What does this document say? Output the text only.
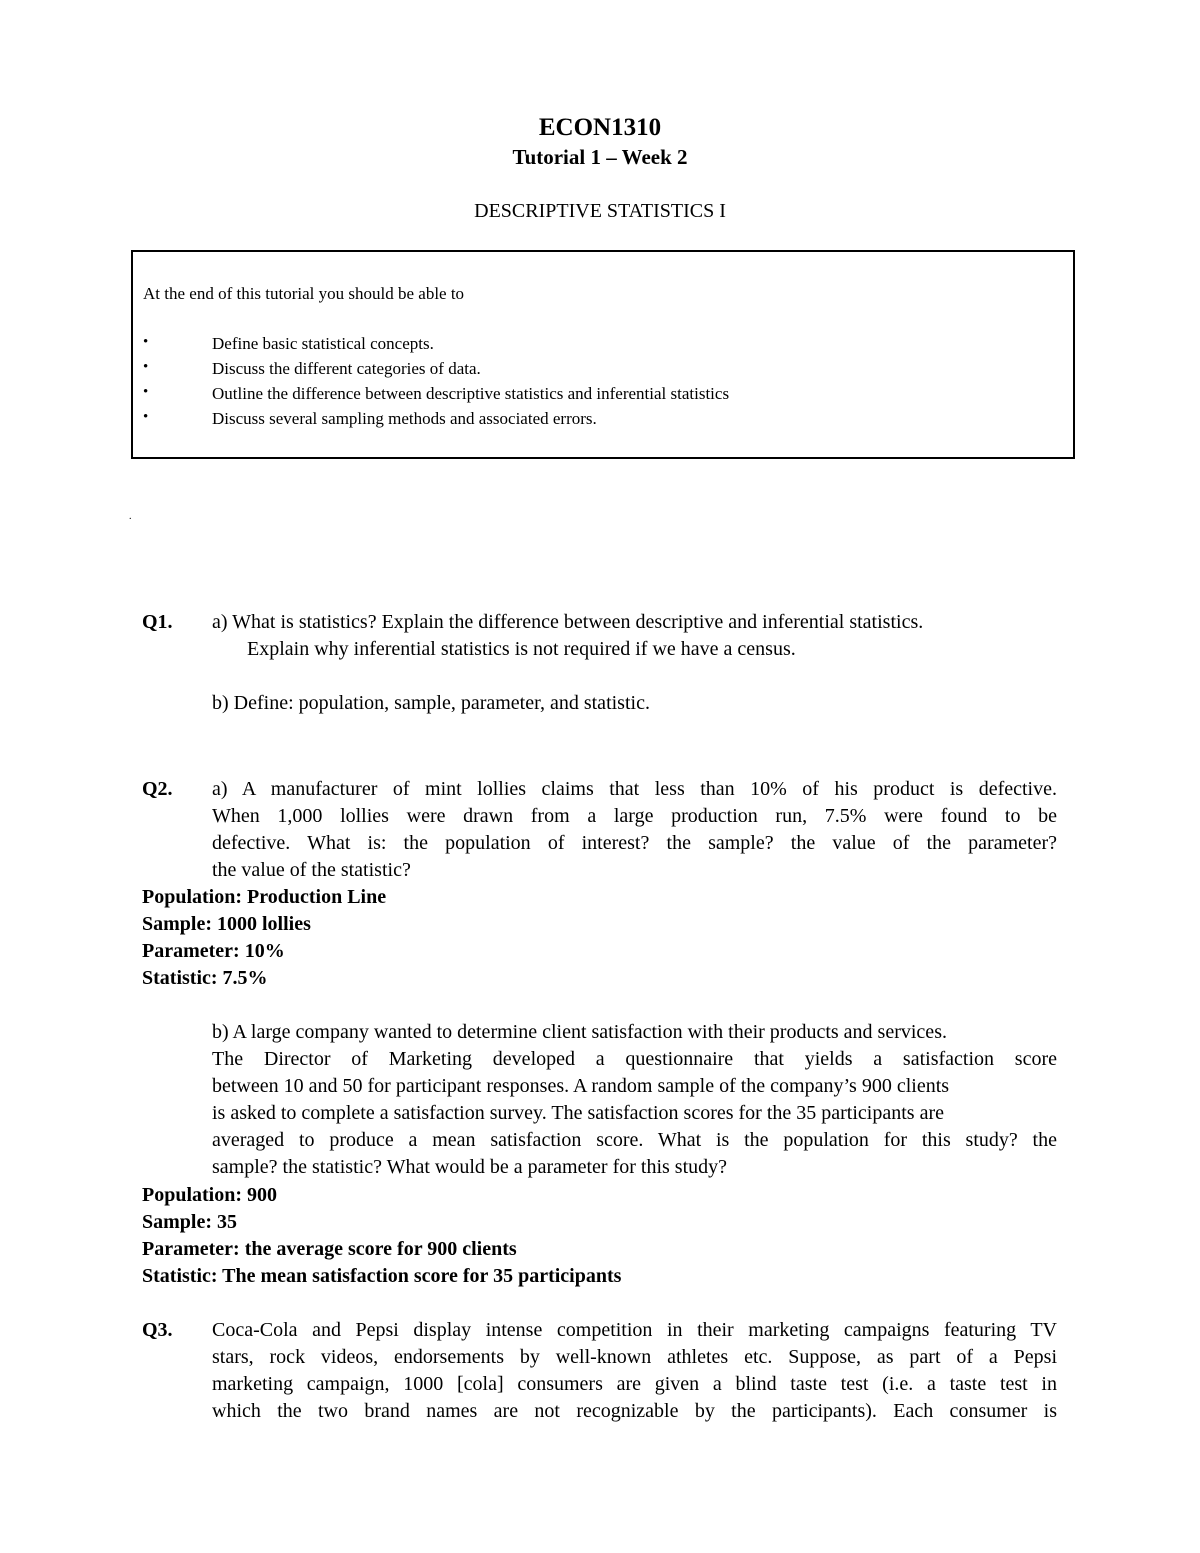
ECON1310
Tutorial 1 – Week 2
DESCRIPTIVE STATISTICS I
At the end of this tutorial you should be able to
•	Define basic statistical concepts.
•	Discuss the different categories of data.
•	Outline the difference between descriptive statistics and inferential statistics
•	Discuss several sampling methods and associated errors.
.
Q1. a) What is statistics? Explain the difference between descriptive and inferential statistics.
Explain why inferential statistics is not required if we have a census.
b) Define: population, sample, parameter, and statistic.
Q2. a) A manufacturer of mint lollies claims that less than 10% of his product is defective.
When 1,000 lollies were drawn from a large production run, 7.5% were found to be
defective. What is: the population of interest? the sample? the value of the parameter?
the value of the statistic?
Population: Production Line
Sample: 1000 lollies
Parameter: 10%
Statistic: 7.5%
b) A large company wanted to determine client satisfaction with their products and services.
The Director of Marketing developed a questionnaire that yields a satisfaction score
between 10 and 50 for participant responses. A random sample of the company’s 900 clients
is asked to complete a satisfaction survey. The satisfaction scores for the 35 participants are
averaged to produce a mean satisfaction score. What is the population for this study? the
sample? the statistic? What would be a parameter for this study?
Population: 900
Sample: 35
Parameter: the average score for 900 clients
Statistic: The mean satisfaction score for 35 participants
Q3. Coca-Cola and Pepsi display intense competition in their marketing campaigns featuring TV
stars, rock videos, endorsements by well-known athletes etc. Suppose, as part of a Pepsi
marketing campaign, 1000 [cola] consumers are given a blind taste test (i.e. a taste test in
which the two brand names are not recognizable by the participants). Each consumer is
